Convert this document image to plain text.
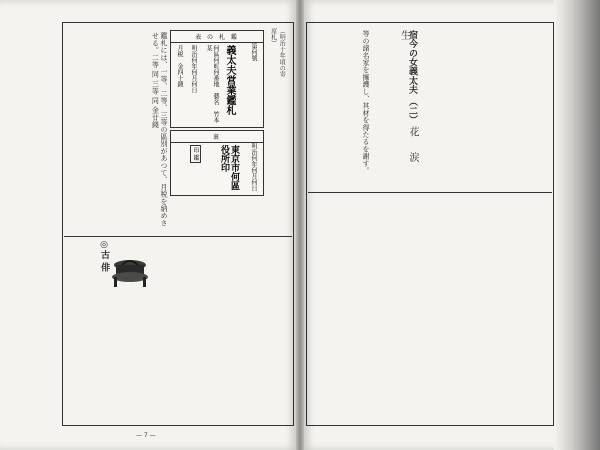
（明治十年頃の寄席札）
表 の 札 鑑
第何號
義太夫営業鑑札
何區何町何番地　藝名　竹本某
明治何年何月何日
月税　金四十錢
裏
明治何年何月何日
東京市何區役所印
印 鑑
鑑札には、一等、二等、三等の區別があつて、月税を納めさせる。二等 同 三等 同 金廿錢
◎古 俳
— 7 —
宿今の女義太夫 （二） 花 涙 生
等の諸名家を擁護し、其材を得たるを謝す。
